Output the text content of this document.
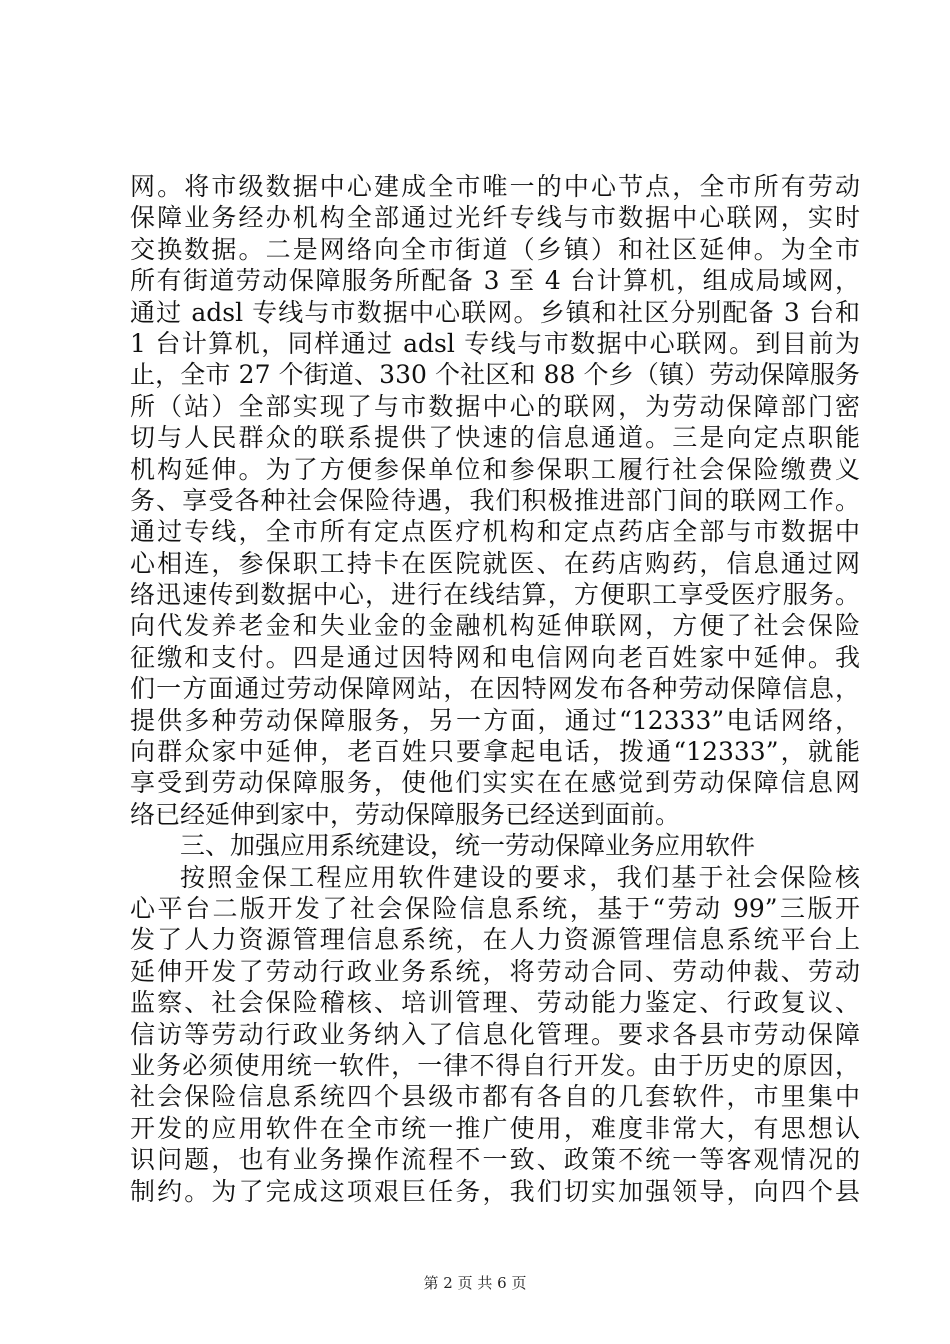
网。将市级数据中心建成全市唯一的中心节点，全市所有劳动
保障业务经办机构全部通过光纤专线与市数据中心联网，实时
交换数据。二是网络向全市街道（乡镇）和社区延伸。为全市
所有街道劳动保障服务所配备 3 至 4 台计算机，组成局域网，
通过 adsl 专线与市数据中心联网。乡镇和社区分别配备 3 台和
1 台计算机，同样通过 adsl 专线与市数据中心联网。到目前为
止，全市 27 个街道、330 个社区和 88 个乡（镇）劳动保障服务
所（站）全部实现了与市数据中心的联网，为劳动保障部门密
切与人民群众的联系提供了快速的信息通道。三是向定点职能
机构延伸。为了方便参保单位和参保职工履行社会保险缴费义
务、享受各种社会保险待遇，我们积极推进部门间的联网工作。
通过专线，全市所有定点医疗机构和定点药店全部与市数据中
心相连，参保职工持卡在医院就医、在药店购药，信息通过网
络迅速传到数据中心，进行在线结算，方便职工享受医疗服务。
向代发养老金和失业金的金融机构延伸联网，方便了社会保险
征缴和支付。四是通过因特网和电信网向老百姓家中延伸。我
们一方面通过劳动保障网站，在因特网发布各种劳动保障信息，
提供多种劳动保障服务，另一方面，通过“12333”电话网络，
向群众家中延伸，老百姓只要拿起电话，拨通“12333”，就能
享受到劳动保障服务，使他们实实在在感觉到劳动保障信息网
络已经延伸到家中，劳动保障服务已经送到面前。
三、加强应用系统建设，统一劳动保障业务应用软件
按照金保工程应用软件建设的要求，我们基于社会保险核
心平台二版开发了社会保险信息系统，基于“劳动 99”三版开
发了人力资源管理信息系统，在人力资源管理信息系统平台上
延伸开发了劳动行政业务系统，将劳动合同、劳动仲裁、劳动
监察、社会保险稽核、培训管理、劳动能力鉴定、行政复议、
信访等劳动行政业务纳入了信息化管理。要求各县市劳动保障
业务必须使用统一软件，一律不得自行开发。由于历史的原因，
社会保险信息系统四个县级市都有各自的几套软件，市里集中
开发的应用软件在全市统一推广使用，难度非常大，有思想认
识问题，也有业务操作流程不一致、政策不统一等客观情况的
制约。为了完成这项艰巨任务，我们切实加强领导，向四个县
第 2 页 共 6 页
